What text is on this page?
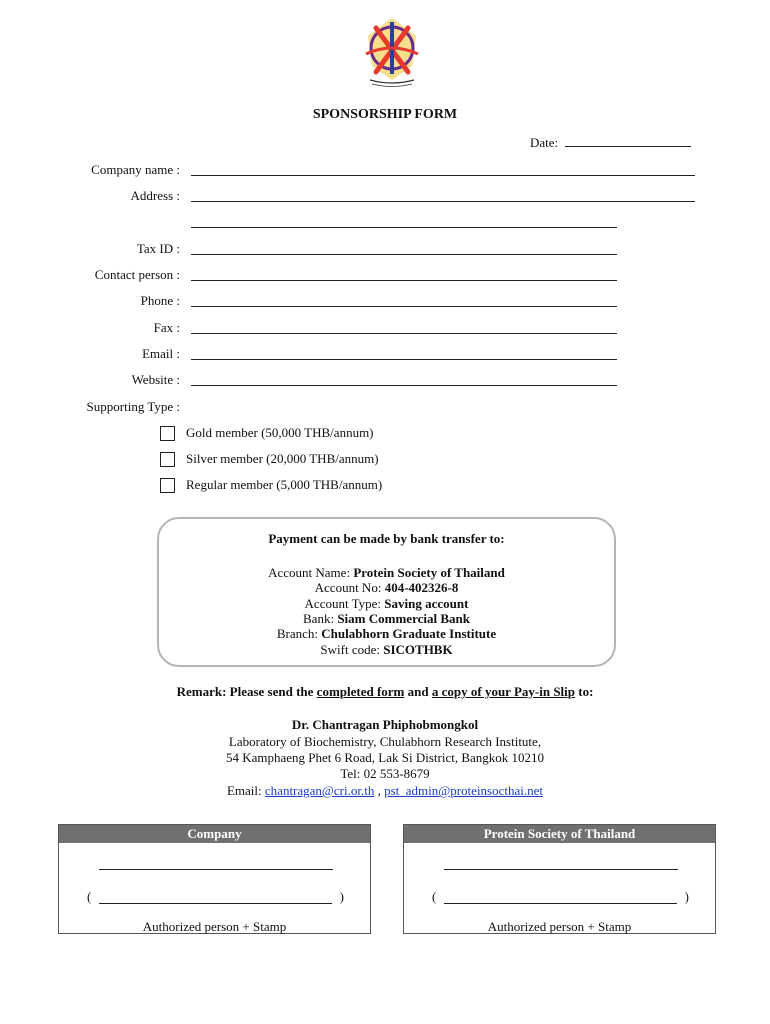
SPONSORSHIP FORM
Date:
Company name :
Address :
Tax ID :
Contact person :
Phone :
Fax :
Email :
Website :
Supporting Type :
Gold member (50,000 THB/annum)
Silver member (20,000 THB/annum)
Regular member (5,000 THB/annum)
Payment can be made by bank transfer to:
Account Name: Protein Society of Thailand
Account No: 404-402326-8
Account Type: Saving account
Bank: Siam Commercial Bank
Branch: Chulabhorn Graduate Institute
Swift code: SICOTHBK
Remark: Please send the completed form and a copy of your Pay-in Slip to:
Dr. Chantragan Phiphobmongkol
Laboratory of Biochemistry, Chulabhorn Research Institute,
54 Kamphaeng Phet 6 Road, Lak Si District, Bangkok 10210
Tel: 02 553-8679
Email: chantragan@cri.or.th , pst_admin@proteinsocthai.net
Company
(	)
Authorized person + Stamp
Protein Society of Thailand
(	)
Authorized person + Stamp
